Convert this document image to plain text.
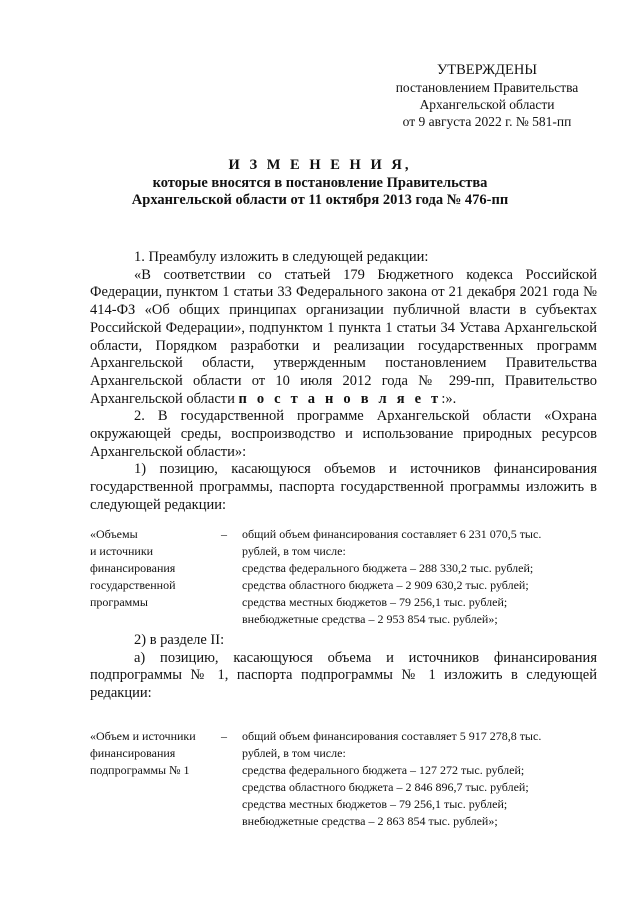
УТВЕРЖДЕНЫ
постановлением Правительства
Архангельской области
от 9 августа 2022 г. № 581-пп
И З М Е Н Е Н И Я,
которые вносятся в постановление Правительства
Архангельской области от 11 октября 2013 года № 476-пп

1. Преамбулу изложить в следующей редакции:

«В соответствии со статьей 179 Бюджетного кодекса Российской Федерации, пунктом 1 статьи 33 Федерального закона от 21 декабря 2021 года № 414-ФЗ «Об общих принципах организации публичной власти в субъектах Российской Федерации», подпунктом 1 пункта 1 статьи 34 Устава Архангельской области, Порядком разработки и реализации государственных программ Архангельской области, утвержденным постановлением Правительства Архангельской области от 10 июля 2012 года № 299-пп, Правительство Архангельской области п о с т а н о в л я е т:».

2. В государственной программе Архангельской области «Охрана окружающей среды, воспроизводство и использование природных ресурсов Архангельской области»:

1) позицию, касающуюся объемов и источников финансирования государственной программы, паспорта государственной программы изложить в следующей редакции:

«Объемы
и источники
финансирования
государственной
программы
– общий объем финансирования составляет 6 231 070,5 тыс.
рублей, в том числе:
средства федерального бюджета – 288 330,2 тыс. рублей;
средства областного бюджета – 2 909 630,2 тыс. рублей;
средства местных бюджетов – 79 256,1 тыс. рублей;
внебюджетные средства – 2 953 854 тыс. рублей»;

2) в разделе II:

а) позицию, касающуюся объема и источников финансирования подпрограммы № 1, паспорта подпрограммы № 1 изложить в следующей редакции:

«Объем и источники
финансирования
подпрограммы № 1
– общий объем финансирования составляет 5 917 278,8 тыс.
рублей, в том числе:
средства федерального бюджета – 127 272 тыс. рублей;
средства областного бюджета – 2 846 896,7 тыс. рублей;
средства местных бюджетов – 79 256,1 тыс. рублей;
внебюджетные средства – 2 863 854 тыс. рублей»;
